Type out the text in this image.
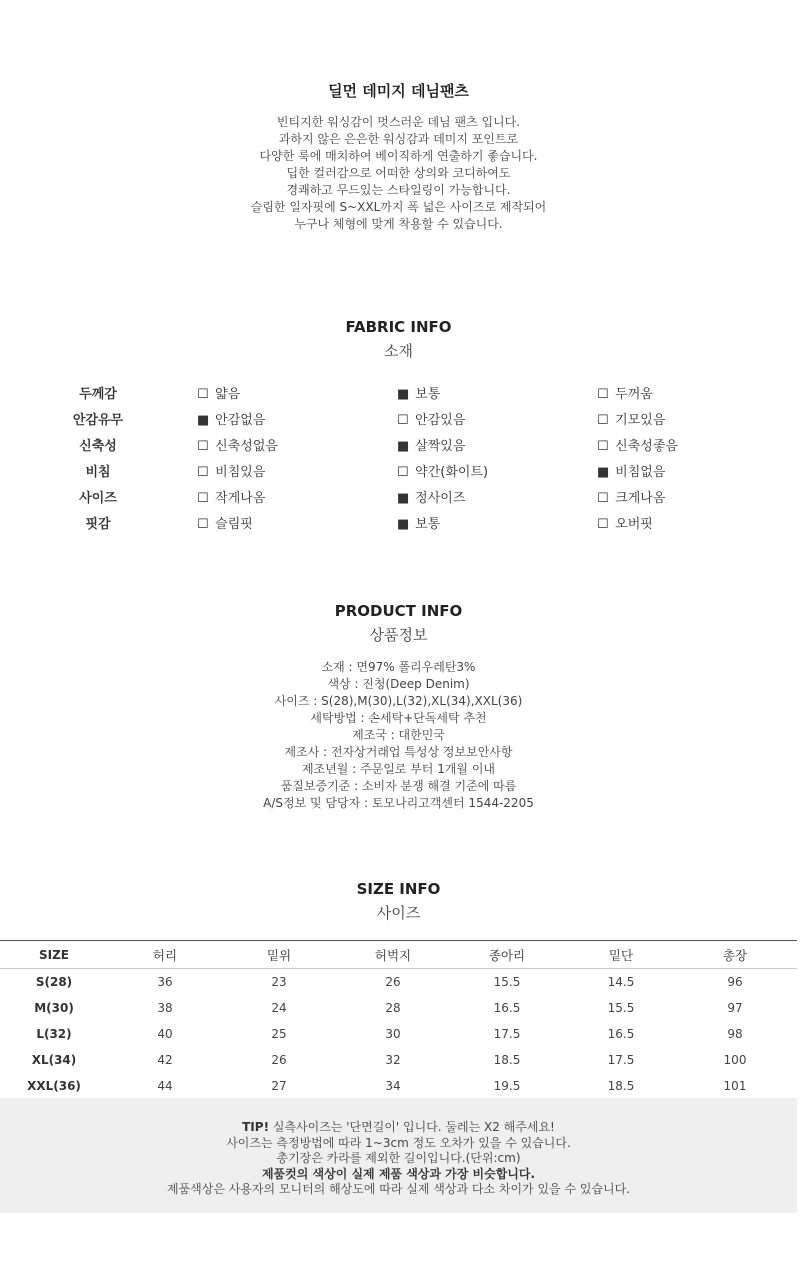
딜먼 데미지 데님팬츠
빈티지한 워싱감이 멋스러운 데님 팬츠 입니다.
과하지 않은 은은한 워싱감과 데미지 포인트로
다양한 룩에 매치하여 베이직하게 연출하기 좋습니다.
딥한 컬러감으로 어떠한 상의와 코디하여도
경쾌하고 무드있는 스타일링이 가능합니다.
슬림한 일자핏에 S~XXL까지 폭 넓은 사이즈로 제작되어
누구나 체형에 맞게 착용할 수 있습니다.
FABRIC INFO
소재
두께감	☐ 얇음	■ 보통	☐ 두꺼움
안감유무	■ 안감없음	☐ 안감있음	☐ 기모있음
신축성	☐ 신축성없음	■ 살짝있음	☐ 신축성좋음
비침	☐ 비침있음	☐ 약간(화이트)	■ 비침없음
사이즈	☐ 작게나옴	■ 정사이즈	☐ 크게나옴
핏감	☐ 슬림핏	■ 보통	☐ 오버핏
PRODUCT INFO
상품정보
소재 : 면97% 폴리우레탄3%
색상 : 진청(Deep Denim)
사이즈 : S(28),M(30),L(32),XL(34),XXL(36)
세탁방법 : 손세탁+단독세탁 추천
제조국 : 대한민국
제조사 : 전자상거래업 특성상 정보보안사항
제조년월 : 주문일로 부터 1개월 이내
품질보증기준 : 소비자 분쟁 해결 기준에 따름
A/S정보 및 담당자 : 토모나리고객센터 1544-2205
SIZE INFO
사이즈
SIZE	허리	밑위	허벅지	종아리	밑단	총장
S(28)	36	23	26	15.5	14.5	96
M(30)	38	24	28	16.5	15.5	97
L(32)	40	25	30	17.5	16.5	98
XL(34)	42	26	32	18.5	17.5	100
XXL(36)	44	27	34	19.5	18.5	101
TIP! 실측사이즈는 '단면길이' 입니다. 둘레는 X2 해주세요!
사이즈는 측정방법에 따라 1~3cm 정도 오차가 있을 수 있습니다.
총기장은 카라를 제외한 길이입니다.(단위:cm)
제품컷의 색상이 실제 제품 색상과 가장 비슷합니다.
제품색상은 사용자의 모니터의 해상도에 따라 실제 색상과 다소 차이가 있을 수 있습니다.
